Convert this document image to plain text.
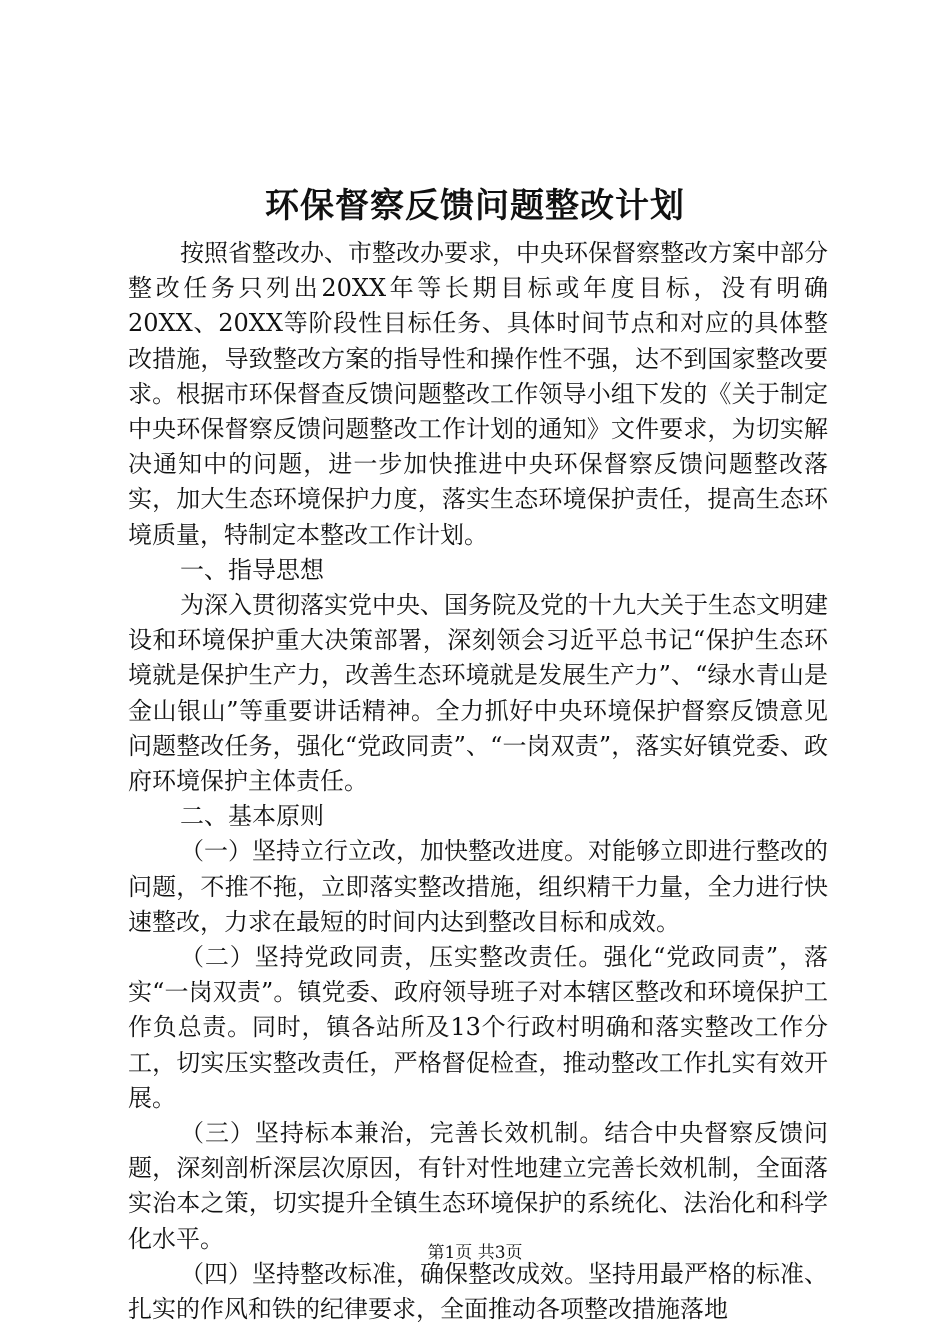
环保督察反馈问题整改计划

按照省整改办、市整改办要求，中央环保督察整改方案中部分整改任务只列出20XX年等长期目标或年度目标，没有明确20XX、20XX等阶段性目标任务、具体时间节点和对应的具体整改措施，导致整改方案的指导性和操作性不强，达不到国家整改要求。根据市环保督查反馈问题整改工作领导小组下发的《关于制定中央环保督察反馈问题整改工作计划的通知》文件要求，为切实解决通知中的问题，进一步加快推进中央环保督察反馈问题整改落实，加大生态环境保护力度，落实生态环境保护责任，提高生态环境质量，特制定本整改工作计划。

一、指导思想

为深入贯彻落实党中央、国务院及党的十九大关于生态文明建设和环境保护重大决策部署，深刻领会习近平总书记“保护生态环境就是保护生产力，改善生态环境就是发展生产力”、“绿水青山是金山银山”等重要讲话精神。全力抓好中央环境保护督察反馈意见问题整改任务，强化“党政同责”、“一岗双责”，落实好镇党委、政府环境保护主体责任。

二、基本原则

（一）坚持立行立改，加快整改进度。对能够立即进行整改的问题，不推不拖，立即落实整改措施，组织精干力量，全力进行快速整改，力求在最短的时间内达到整改目标和成效。

（二）坚持党政同责，压实整改责任。强化“党政同责”，落实“一岗双责”。镇党委、政府领导班子对本辖区整改和环境保护工作负总责。同时，镇各站所及13个行政村明确和落实整改工作分工，切实压实整改责任，严格督促检查，推动整改工作扎实有效开展。

（三）坚持标本兼治，完善长效机制。结合中央督察反馈问题，深刻剖析深层次原因，有针对性地建立完善长效机制，全面落实治本之策，切实提升全镇生态环境保护的系统化、法治化和科学化水平。

（四）坚持整改标准，确保整改成效。坚持用最严格的标准、扎实的作风和铁的纪律要求，全面推动各项整改措施落地

第1页 共3页
